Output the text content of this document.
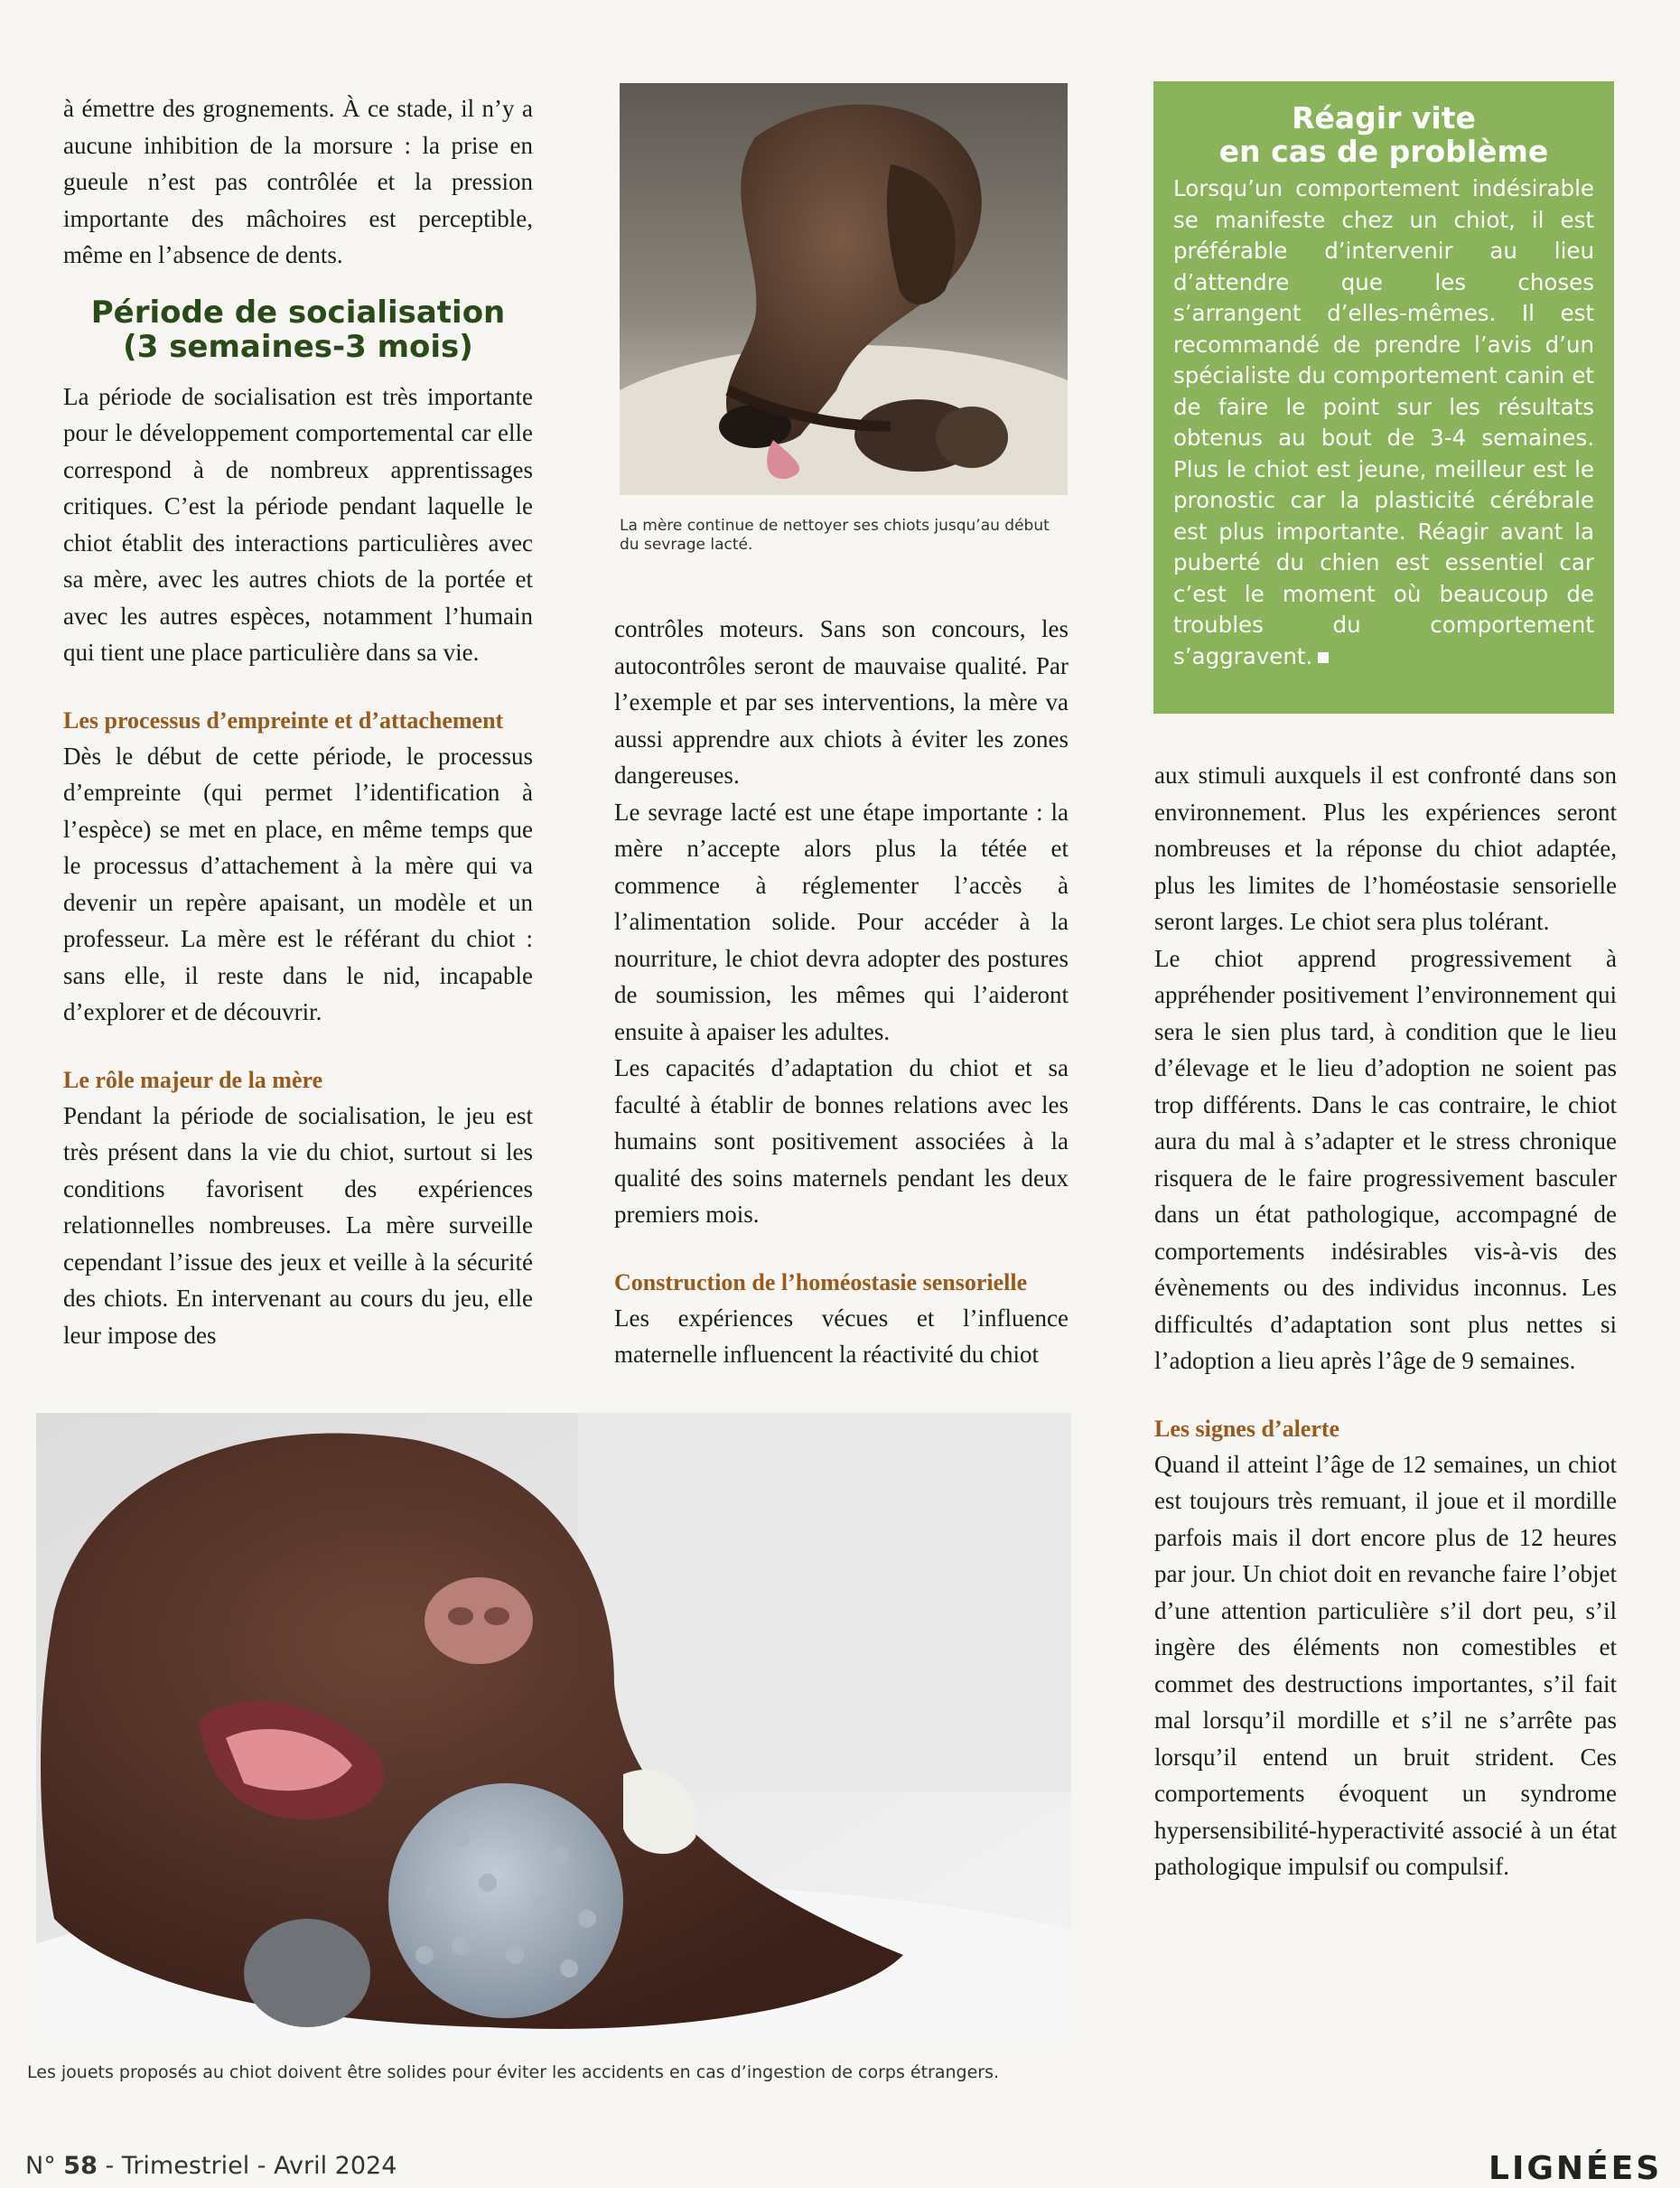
à émettre des grognements. À ce stade, il n’y a aucune inhibition de la morsure : la prise en gueule n’est pas contrôlée et la pression importante des mâchoires est perceptible, même en l’absence de dents.

Période de socialisation
(3 semaines-3 mois)

La période de socialisation est très importante pour le développement comportemental car elle correspond à de nombreux apprentissages critiques. C’est la période pendant laquelle le chiot établit des interactions particulières avec sa mère, avec les autres chiots de la portée et avec les autres espèces, notamment l’humain qui tient une place particulière dans sa vie.

Les processus d’empreinte et d’attachement

Dès le début de cette période, le processus d’empreinte (qui permet l’identification à l’espèce) se met en place, en même temps que le processus d’attachement à la mère qui va devenir un repère apaisant, un modèle et un professeur. La mère est le référant du chiot : sans elle, il reste dans le nid, incapable d’explorer et de découvrir.

Le rôle majeur de la mère

Pendant la période de socialisation, le jeu est très présent dans la vie du chiot, surtout si les conditions favorisent des expériences relationnelles nombreuses. La mère surveille cependant l’issue des jeux et veille à la sécurité des chiots. En intervenant au cours du jeu, elle leur impose des

La mère continue de nettoyer ses chiots jusqu’au début du sevrage lacté.

contrôles moteurs. Sans son concours, les autocontrôles seront de mauvaise qualité. Par l’exemple et par ses interventions, la mère va aussi apprendre aux chiots à éviter les zones dangereuses.

Le sevrage lacté est une étape importante : la mère n’accepte alors plus la tétée et commence à réglementer l’accès à l’alimentation solide. Pour accéder à la nourriture, le chiot devra adopter des postures de soumission, les mêmes qui l’aideront ensuite à apaiser les adultes.

Les capacités d’adaptation du chiot et sa faculté à établir de bonnes relations avec les humains sont positivement associées à la qualité des soins maternels pendant les deux premiers mois.

Construction de l’homéostasie sensorielle

Les expériences vécues et l’influence maternelle influencent la réactivité du chiot

Réagir vite
en cas de problème

Lorsqu’un comportement indésirable se manifeste chez un chiot, il est préférable d’intervenir au lieu d’attendre que les choses s’arrangent d’elles-mêmes. Il est recommandé de prendre l’avis d’un spécialiste du comportement canin et de faire le point sur les résultats obtenus au bout de 3-4 semaines. Plus le chiot est jeune, meilleur est le pronostic car la plasticité cérébrale est plus importante. Réagir avant la puberté du chien est essentiel car c’est le moment où beaucoup de troubles du comportement s’aggravent.

aux stimuli auxquels il est confronté dans son environnement. Plus les expériences seront nombreuses et la réponse du chiot adaptée, plus les limites de l’homéostasie sensorielle seront larges. Le chiot sera plus tolérant.

Le chiot apprend progressivement à appréhender positivement l’environnement qui sera le sien plus tard, à condition que le lieu d’élevage et le lieu d’adoption ne soient pas trop différents. Dans le cas contraire, le chiot aura du mal à s’adapter et le stress chronique risquera de le faire progressivement basculer dans un état pathologique, accompagné de comportements indésirables vis-à-vis des évènements ou des individus inconnus. Les difficultés d’adaptation sont plus nettes si l’adoption a lieu après l’âge de 9 semaines.

Les signes d’alerte

Quand il atteint l’âge de 12 semaines, un chiot est toujours très remuant, il joue et il mordille parfois mais il dort encore plus de 12 heures par jour. Un chiot doit en revanche faire l’objet d’une attention particulière s’il dort peu, s’il ingère des éléments non comestibles et commet des destructions importantes, s’il fait mal lorsqu’il mordille et s’il ne s’arrête pas lorsqu’il entend un bruit strident. Ces comportements évoquent un syndrome hypersensibilité-hyperactivité associé à un état pathologique impulsif ou compulsif.

Les jouets proposés au chiot doivent être solides pour éviter les accidents en cas d’ingestion de corps étrangers.
N° 58 - Trimestriel - Avril 2024	LIGNÉES
